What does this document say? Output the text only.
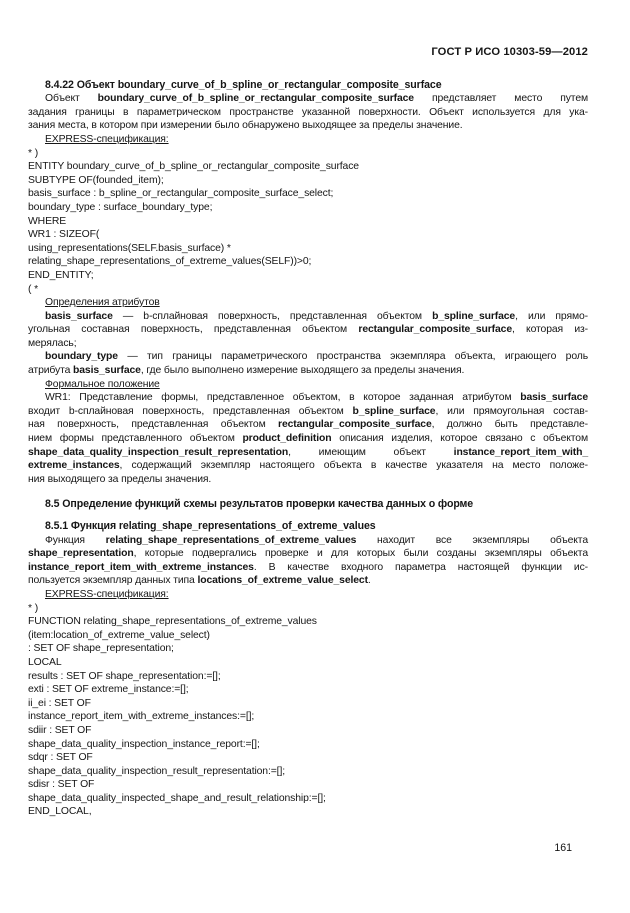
ГОСТ Р ИСО 10303-59—2012
8.4.22 Объект boundary_curve_of_b_spline_or_rectangular_composite_surface
Объект boundary_curve_of_b_spline_or_rectangular_composite_surface представляет место путем
задания границы в параметрическом пространстве указанной поверхности. Объект используется для ука-
зания места, в котором при измерении было обнаружено выходящее за пределы значение.
EXPRESS-спецификация:
* )
ENTITY boundary_curve_of_b_spline_or_rectangular_composite_surface
SUBTYPE OF(founded_item);
basis_surface : b_spline_or_rectangular_composite_surface_select;
boundary_type : surface_boundary_type;
WHERE
WR1 : SIZEOF(
using_representations(SELF.basis_surface) *
relating_shape_representations_of_extreme_values(SELF))>0;
END_ENTITY;
( *
Определения атрибутов
basis_surface — b-сплайновая поверхность, представленная объектом b_spline_surface, или прямо-
угольная составная поверхность, представленная объектом rectangular_composite_surface, которая из-
мерялась;
boundary_type — тип границы параметрического пространства экземпляра объекта, играющего роль
атрибута basis_surface, где было выполнено измерение выходящего за пределы значения.
Формальное положение
WR1: Представление формы, представленное объектом, в которое заданная атрибутом basis_surface
входит b-сплайновая поверхность, представленная объектом b_spline_surface, или прямоугольная состав-
ная поверхность, представленная объектом rectangular_composite_surface, должно быть представле-
нием формы представленного объектом product_definition описания изделия, которое связано с объектом
shape_data_quality_inspection_result_representation, имеющим объект instance_report_item_with_
extreme_instances, содержащий экземпляр настоящего объекта в качестве указателя на место положе-
ния выходящего за пределы значения.
8.5 Определение функций схемы результатов проверки качества данных о форме
8.5.1 Функция relating_shape_representations_of_extreme_values
Функция relating_shape_representations_of_extreme_values находит все экземпляры объекта
shape_representation, которые подвергались проверке и для которых были созданы экземпляры объекта
instance_report_item_with_extreme_instances. В качестве входного параметра настоящей функции ис-
пользуется экземпляр данных типа locations_of_extreme_value_select.
EXPRESS-спецификация:
* )
FUNCTION relating_shape_representations_of_extreme_values
(item:location_of_extreme_value_select)
: SET OF shape_representation;
LOCAL
results : SET OF shape_representation:=[];
exti : SET OF extreme_instance:=[];
ii_ei : SET OF
instance_report_item_with_extreme_instances:=[];
sdiir : SET OF
shape_data_quality_inspection_instance_report:=[];
sdqr : SET OF
shape_data_quality_inspection_result_representation:=[];
sdisr : SET OF
shape_data_quality_inspected_shape_and_result_relationship:=[];
END_LOCAL,
161
